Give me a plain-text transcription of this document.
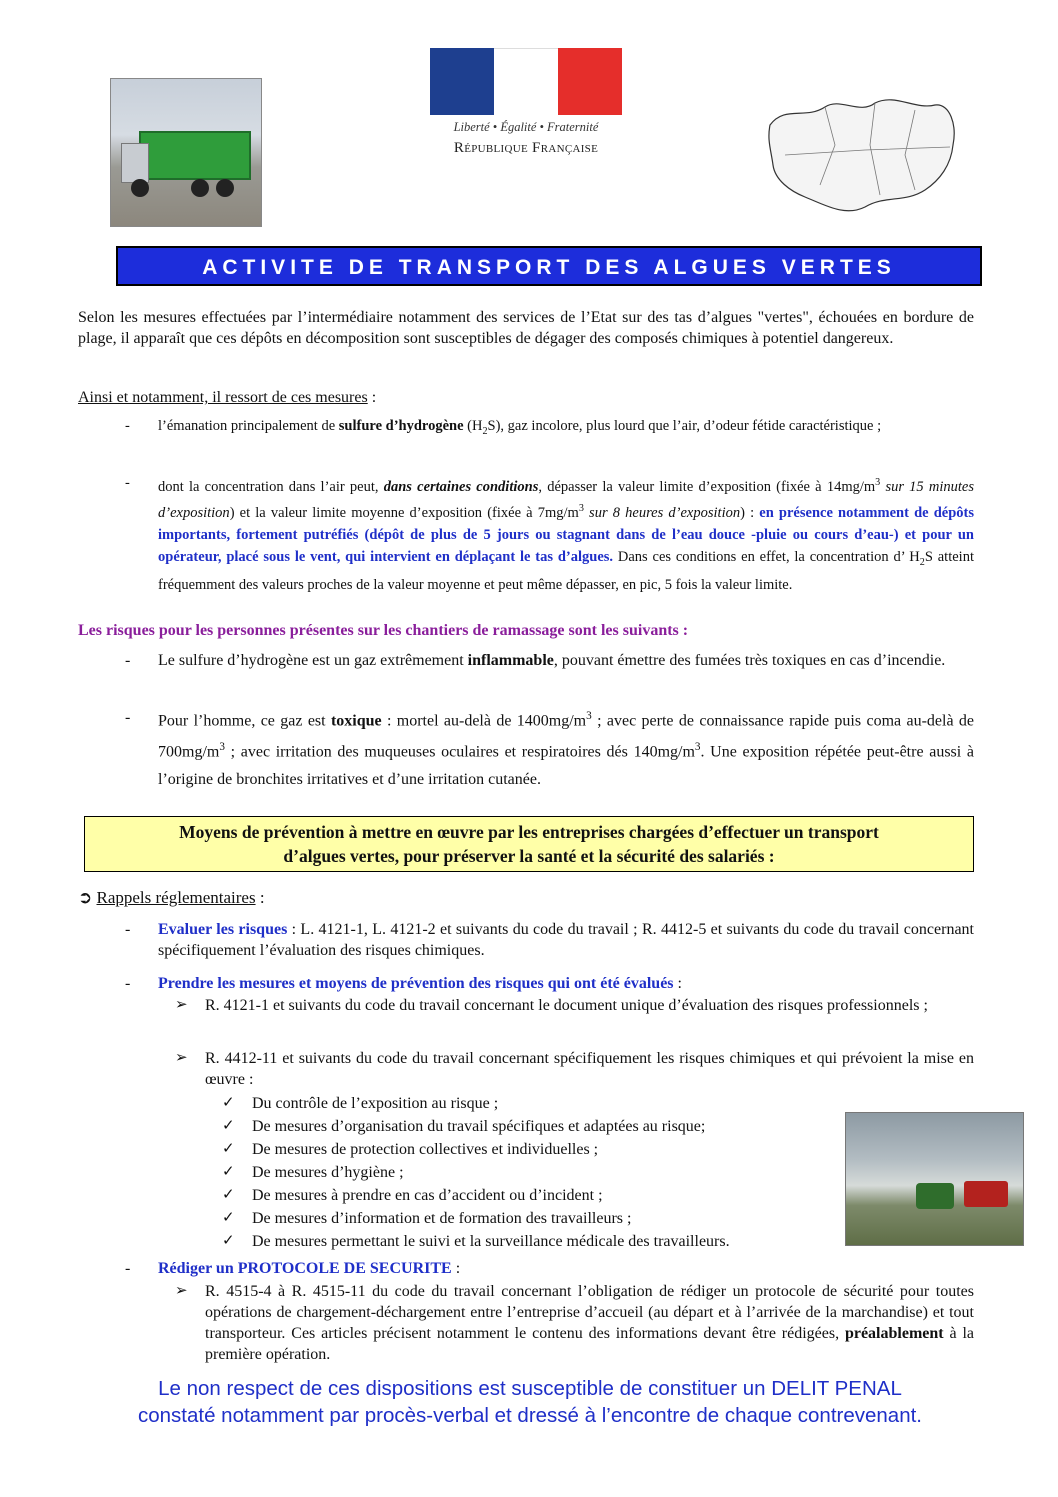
Liberté • Égalité • Fraternité
République Française
ACTIVITE DE TRANSPORT DES ALGUES VERTES
Selon les mesures effectuées par l’intermédiaire notamment des services de l’Etat sur des tas d’algues "vertes", échouées en bordure de plage, il apparaît que ces dépôts en décomposition sont susceptibles de dégager des composés chimiques à potentiel dangereux.
Ainsi et notamment, il ressort de ces mesures :
- l’émanation principalement de sulfure d’hydrogène $(H_2S)$, gaz incolore, plus lourd que l’air, d’odeur fétide caractéristique ;
- dont la concentration dans l’air peut, dans certaines conditions, dépasser la valeur limite d’exposition (fixée à $14mg/m^3$ sur 15 minutes d’exposition) et la valeur limite moyenne d’exposition (fixée à $7mg/m^3$ sur 8 heures d’exposition) : en présence notamment de dépôts importants, fortement putréfiés (dépôt de plus de 5 jours ou stagnant dans de l’eau douce -pluie ou cours d’eau-) et pour un opérateur, placé sous le vent, qui intervient en déplaçant le tas d’algues. Dans ces conditions en effet, la concentration d’ $H_2S$ atteint fréquemment des valeurs proches de la valeur moyenne et peut même dépasser, en pic, 5 fois la valeur limite.
Les risques pour les personnes présentes sur les chantiers de ramassage sont les suivants :
- Le sulfure d’hydrogène est un gaz extrêmement inflammable, pouvant émettre des fumées très toxiques en cas d’incendie.
- Pour l’homme, ce gaz est toxique : mortel au-delà de $1400mg/m^3$ ; avec perte de connaissance rapide puis coma au-delà de $700mg/m^3$ ; avec irritation des muqueuses oculaires et respiratoires dés $140mg/m^3$. Une exposition répétée peut-être aussi à l’origine de bronchites irritatives et d’une irritation cutanée.
Moyens de prévention à mettre en œuvre par les entreprises chargées d’effectuer un transport
d’algues vertes, pour préserver la santé et la sécurité des salariés :
➲ Rappels réglementaires :
- Evaluer les risques : L. 4121-1, L. 4121-2 et suivants du code du travail ; R. 4412-5 et suivants du code du travail concernant spécifiquement l’évaluation des risques chimiques.
- Prendre les mesures et moyens de prévention des risques qui ont été évalués :
➢ R. 4121-1 et suivants du code du travail concernant le document unique d’évaluation des risques professionnels ;
➢ R. 4412-11 et suivants du code du travail concernant spécifiquement les risques chimiques et qui prévoient la mise en œuvre :
✓ Du contrôle de l’exposition au risque ;
✓ De mesures d’organisation du travail spécifiques et adaptées au risque;
✓ De mesures de protection collectives et individuelles ;
✓ De mesures d’hygiène ;
✓ De mesures à prendre en cas d’accident ou d’incident ;
✓ De mesures d’information et de formation des travailleurs ;
✓ De mesures permettant le suivi et la surveillance médicale des travailleurs.
- Rédiger un PROTOCOLE DE SECURITE :
➢ R. 4515-4 à R. 4515-11 du code du travail concernant l’obligation de rédiger un protocole de sécurité pour toutes opérations de chargement-déchargement entre l’entreprise d’accueil (au départ et à l’arrivée de la marchandise) et tout transporteur. Ces articles précisent notamment le contenu des informations devant être rédigées, préalablement à la première opération.
Le non respect de ces dispositions est susceptible de constituer un DELIT PENAL
constaté notamment par procès-verbal et dressé à l’encontre de chaque contrevenant.
